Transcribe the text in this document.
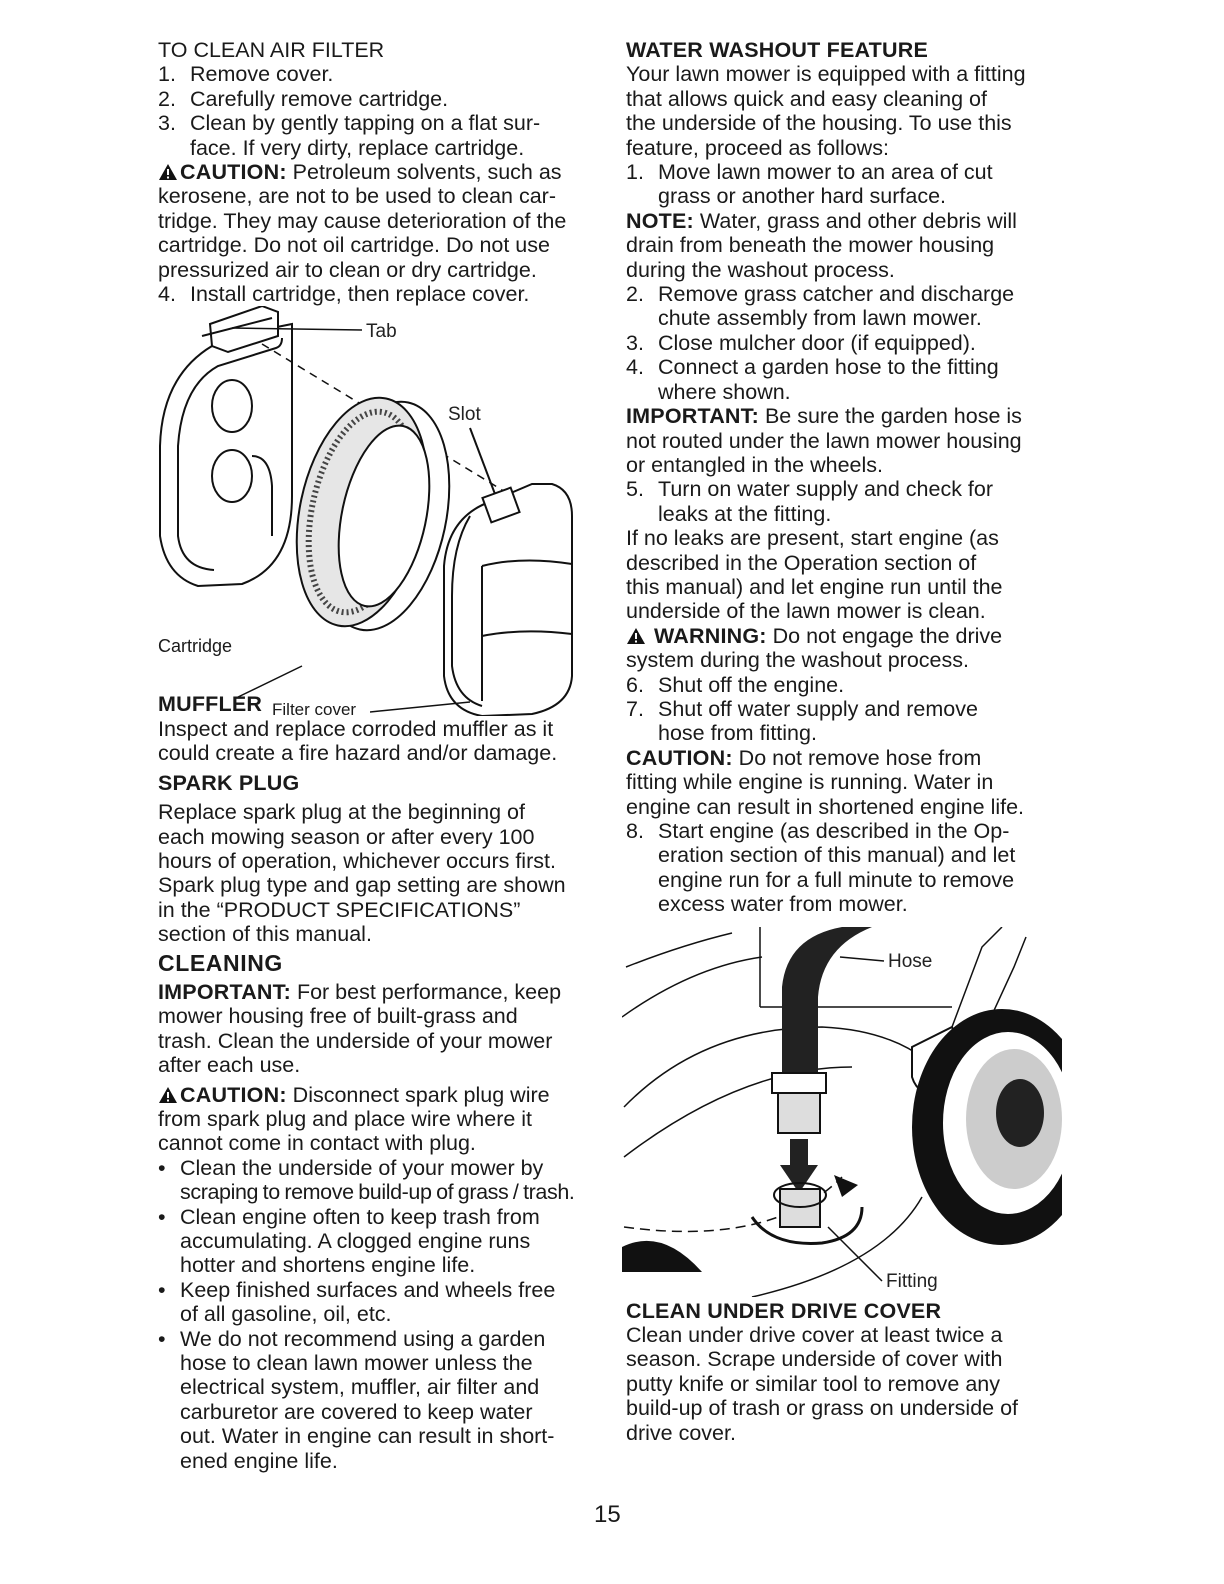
TO CLEAN AIR FILTER
1. Remove cover.
2. Carefully remove cartridge.
3. Clean by gently tapping on a flat sur-
face. If very dirty, replace cartridge.
CAUTION: Petroleum solvents, such as
kerosene, are not to be used to clean car-
tridge. They may cause deterioration of the
cartridge. Do not oil cartridge. Do not use
pressurized air to clean or dry cartridge.
4. Install cartridge, then replace cover.
Tab
Slot
Cartridge
Filter cover
MUFFLER
Inspect and replace corroded muffler as it
could create a fire hazard and/or damage.
SPARK PLUG
Replace spark plug at the beginning of
each mowing season or after every 100
hours of operation, whichever occurs first.
Spark plug type and gap setting are shown
in the “PRODUCT SPECIFICATIONS”
section of this manual.
CLEANING
IMPORTANT: For best performance, keep
mower housing free of built-grass and
trash. Clean the underside of your mower
after each use.
CAUTION: Disconnect spark plug wire
from spark plug and place wire where it
cannot come in contact with plug.
• Clean the underside of your mower by
scraping to remove build-up of grass / trash.
• Clean engine often to keep trash from
accumulating. A clogged engine runs
hotter and shortens engine life.
• Keep finished surfaces and wheels free
of all gasoline, oil, etc.
• We do not recommend using a garden
hose to clean lawn mower unless the
electrical system, muffler, air filter and
carburetor are covered to keep water
out. Water in engine can result in short-
ened engine life.
WATER WASHOUT FEATURE
Your lawn mower is equipped with a fitting
that allows quick and easy cleaning of
the underside of the housing. To use this
feature, proceed as follows:
1. Move lawn mower to an area of cut
grass or another hard surface.
NOTE: Water, grass and other debris will
drain from beneath the mower housing
during the washout process.
2. Remove grass catcher and discharge
chute assembly from lawn mower.
3. Close mulcher door (if equipped).
4. Connect a garden hose to the fitting
where shown.
IMPORTANT: Be sure the garden hose is
not routed under the lawn mower housing
or entangled in the wheels.
5. Turn on water supply and check for
leaks at the fitting.
If no leaks are present, start engine (as
described in the Operation section of
this manual) and let engine run until the
underside of the lawn mower is clean.
WARNING: Do not engage the drive
system during the washout process.
6. Shut off the engine.
7. Shut off water supply and remove
hose from fitting.
CAUTION: Do not remove hose from
fitting while engine is running. Water in
engine can result in shortened engine life.
8. Start engine (as described in the Op-
eration section of this manual) and let
engine run for a full minute to remove
excess water from mower.
Hose
Fitting
CLEAN UNDER DRIVE COVER
Clean under drive cover at least twice a
season. Scrape underside of cover with
putty knife or similar tool to remove any
build-up of trash or grass on underside of
drive cover.
15
